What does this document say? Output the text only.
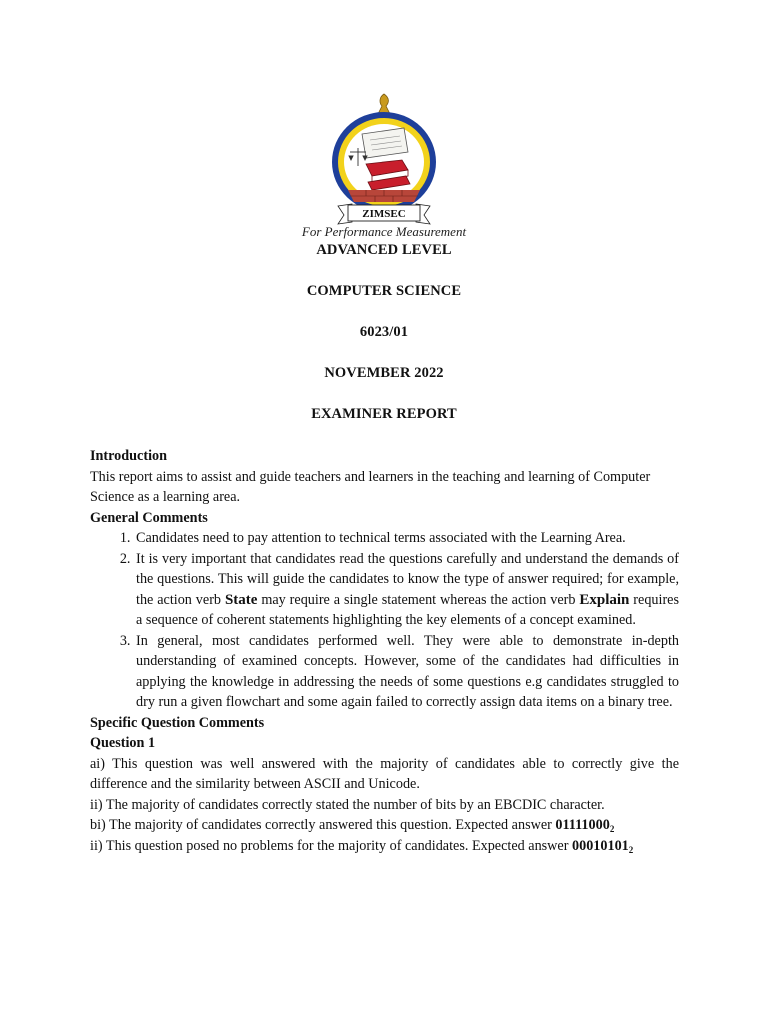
ZIMSEC
For Performance Measurement
ADVANCED LEVEL
COMPUTER SCIENCE
6023/01
NOVEMBER 2022
EXAMINER REPORT

Introduction

This report aims to assist and guide teachers and learners in the teaching and learning of Computer Science as a learning area.

General Comments

1. Candidates need to pay attention to technical terms associated with the Learning Area.
2. It is very important that candidates read the questions carefully and understand the demands of the questions. This will guide the candidates to know the type of answer required; for example, the action verb State may require a single statement whereas the action verb Explain requires a sequence of coherent statements highlighting the key elements of a concept examined.
3. In general, most candidates performed well. They were able to demonstrate in-depth understanding of examined concepts. However, some of the candidates had difficulties in applying the knowledge in addressing the needs of some questions e.g candidates struggled to dry run a given flowchart and some again failed to correctly assign data items on a binary tree.

Specific Question Comments

Question 1

ai) This question was well answered with the majority of candidates able to correctly give the difference and the similarity between ASCII and Unicode.

ii) The majority of candidates correctly stated the number of bits by an EBCDIC character.

bi) The majority of candidates correctly answered this question. Expected answer $01111000_2$

ii) This question posed no problems for the majority of candidates. Expected answer $00010101_2$
